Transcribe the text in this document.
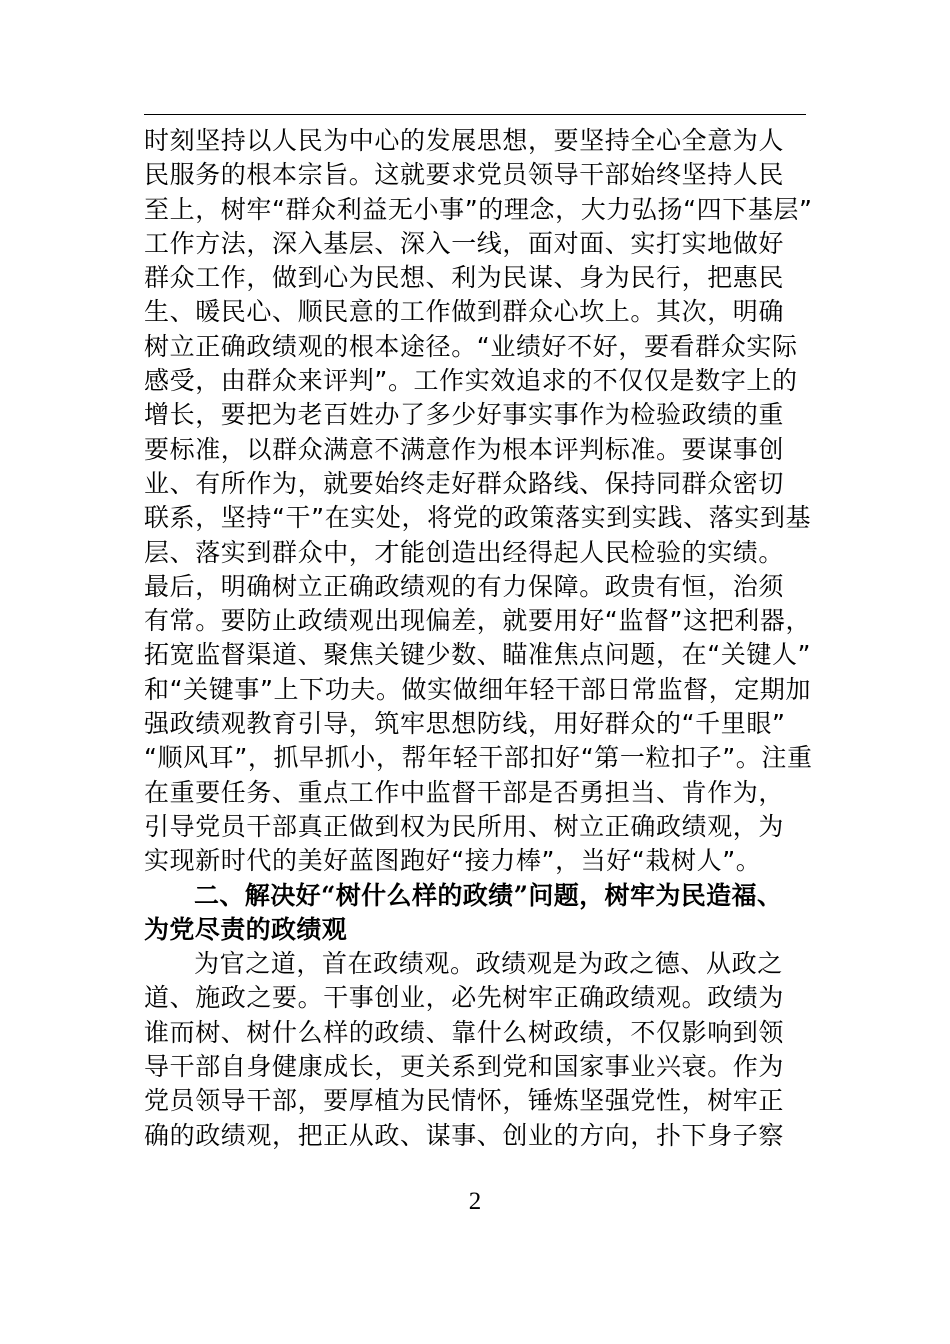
时刻坚持以人民为中心的发展思想，要坚持全心全意为人
民服务的根本宗旨。这就要求党员领导干部始终坚持人民
至上，树牢“群众利益无小事”的理念，大力弘扬“四下基层”
工作方法，深入基层、深入一线，面对面、实打实地做好
群众工作，做到心为民想、利为民谋、身为民行，把惠民
生、暖民心、顺民意的工作做到群众心坎上。其次，明确
树立正确政绩观的根本途径。“业绩好不好，要看群众实际
感受，由群众来评判”。工作实效追求的不仅仅是数字上的
增长，要把为老百姓办了多少好事实事作为检验政绩的重
要标准，以群众满意不满意作为根本评判标准。要谋事创
业、有所作为，就要始终走好群众路线、保持同群众密切
联系，坚持“干”在实处，将党的政策落实到实践、落实到基
层、落实到群众中，才能创造出经得起人民检验的实绩。
最后，明确树立正确政绩观的有力保障。政贵有恒，治须
有常。要防止政绩观出现偏差，就要用好“监督”这把利器，
拓宽监督渠道、聚焦关键少数、瞄准焦点问题，在“关键人”
和“关键事”上下功夫。做实做细年轻干部日常监督，定期加
强政绩观教育引导，筑牢思想防线，用好群众的“千里眼”
“顺风耳”，抓早抓小，帮年轻干部扣好“第一粒扣子”。注重
在重要任务、重点工作中监督干部是否勇担当、肯作为，
引导党员干部真正做到权为民所用、树立正确政绩观，为
实现新时代的美好蓝图跑好“接力棒”，当好“栽树人”。
二、解决好“树什么样的政绩”问题，树牢为民造福、
为党尽责的政绩观
为官之道，首在政绩观。政绩观是为政之德、从政之
道、施政之要。干事创业，必先树牢正确政绩观。政绩为
谁而树、树什么样的政绩、靠什么树政绩，不仅影响到领
导干部自身健康成长，更关系到党和国家事业兴衰。作为
党员领导干部，要厚植为民情怀，锤炼坚强党性，树牢正
确的政绩观，把正从政、谋事、创业的方向，扑下身子察
2
